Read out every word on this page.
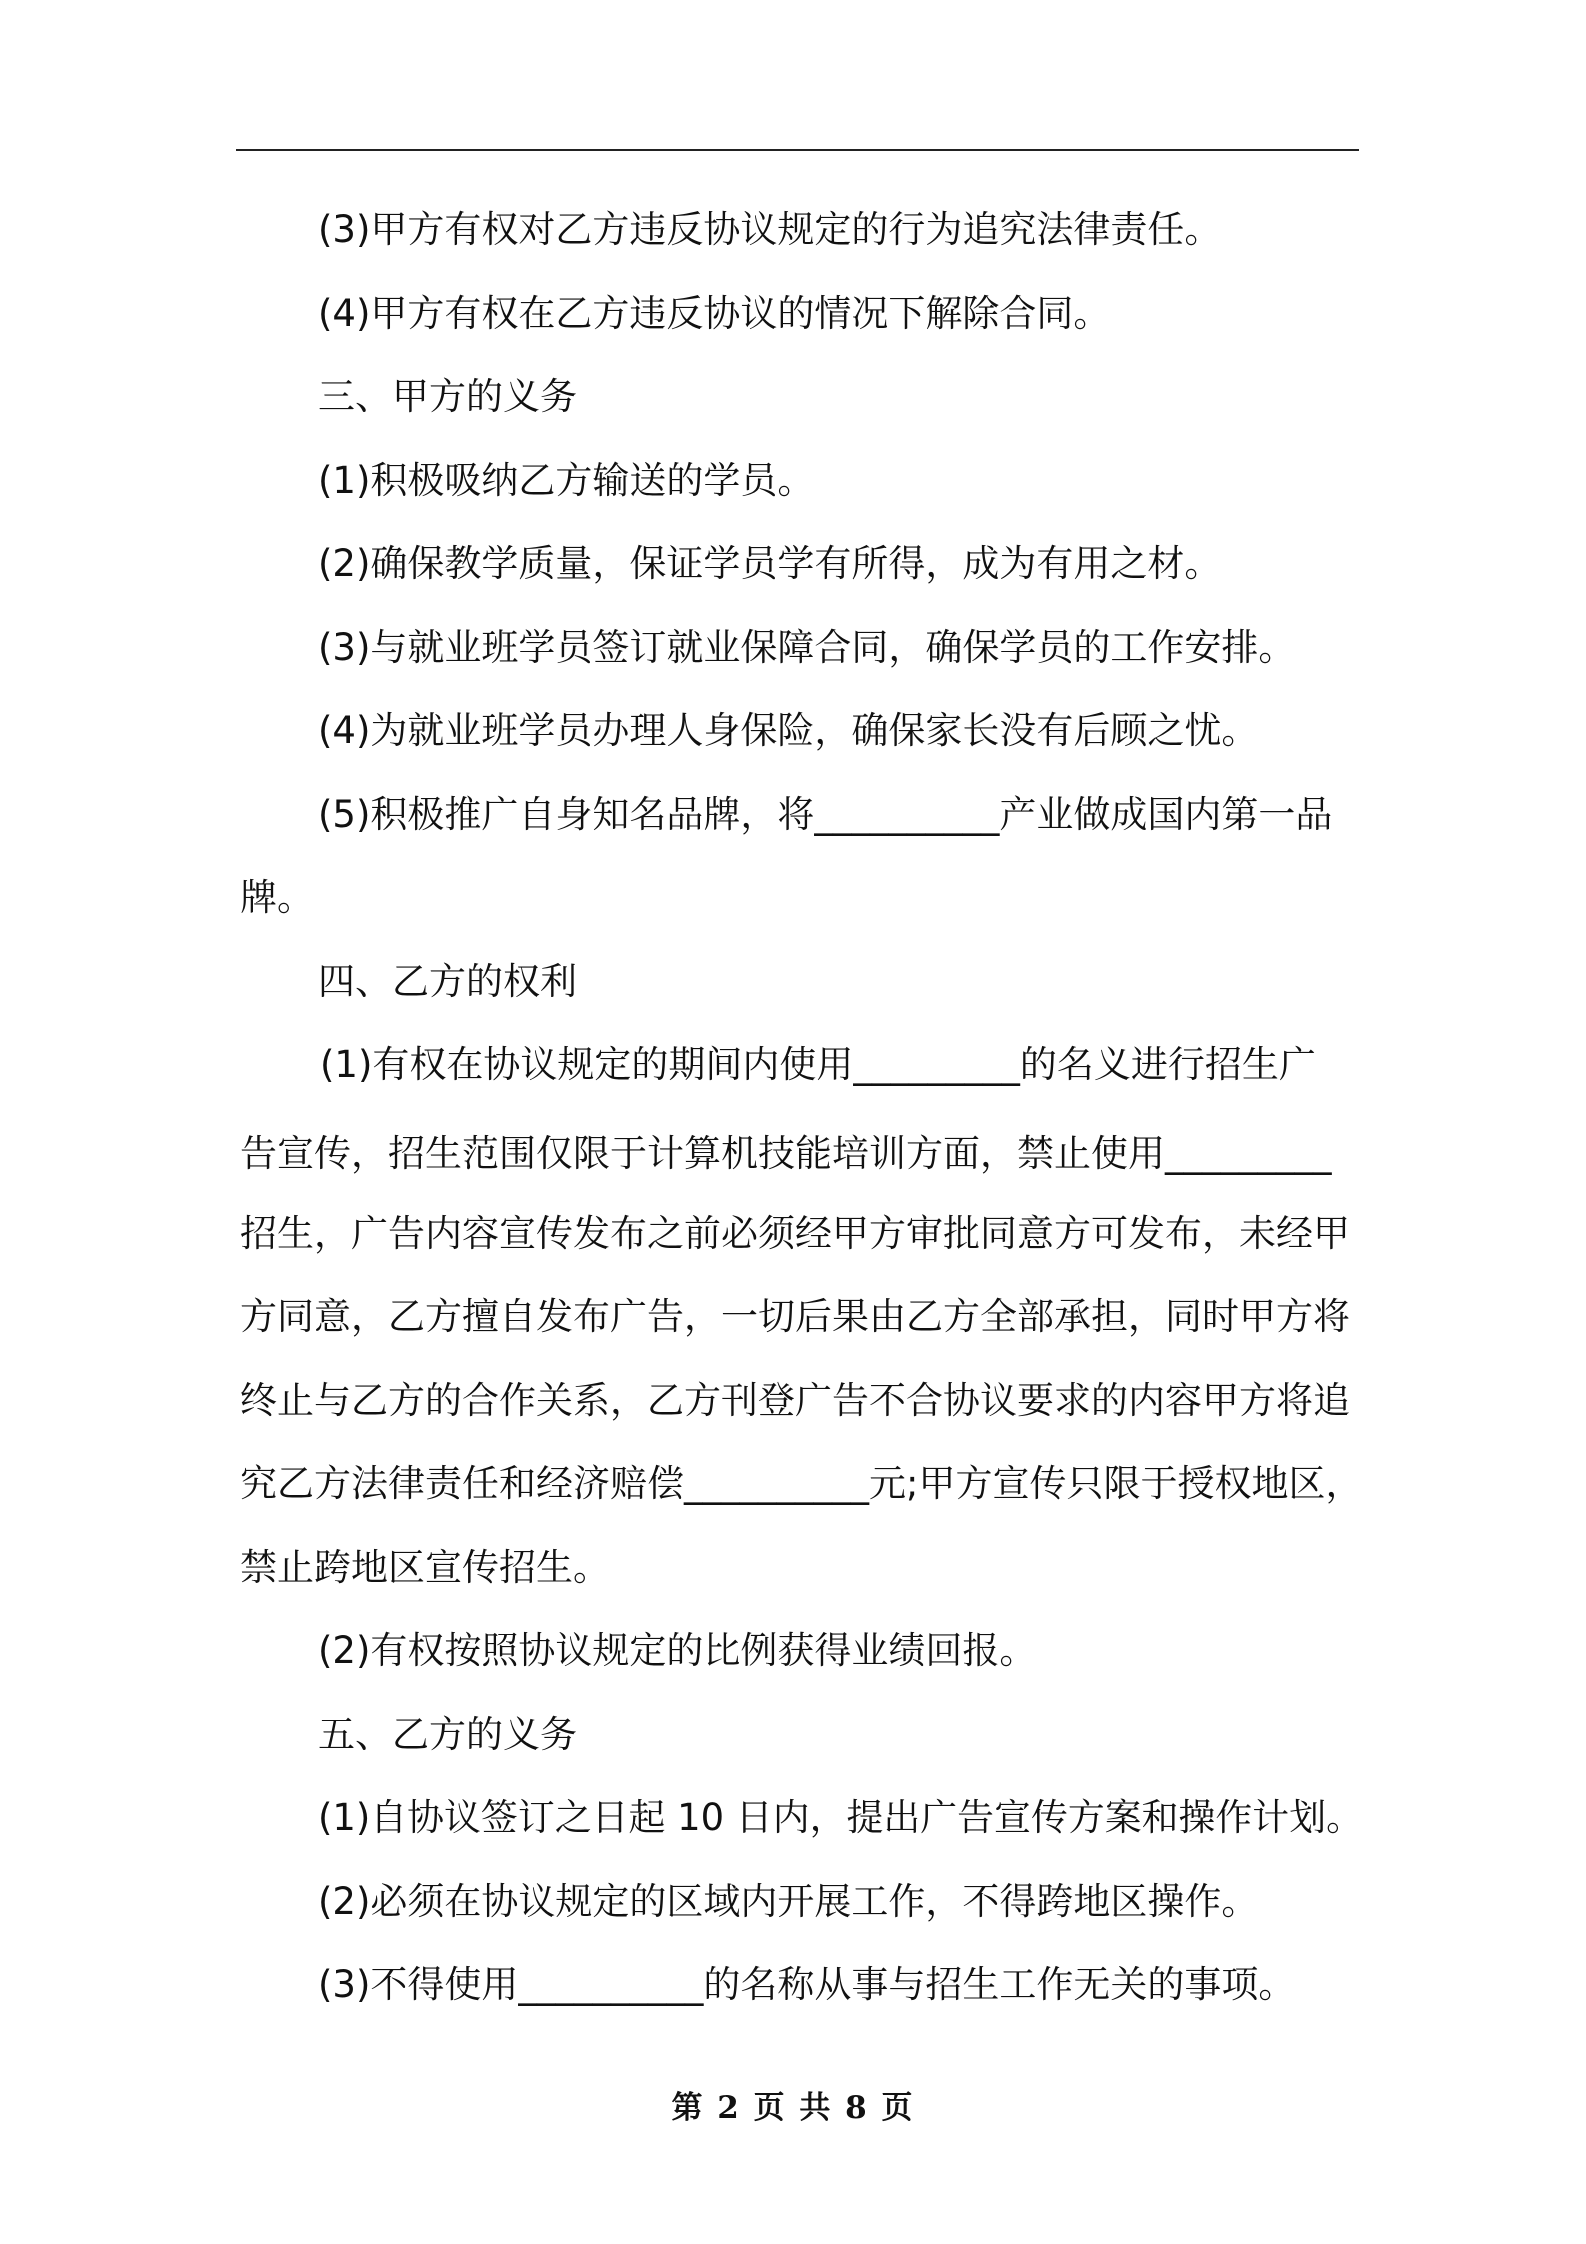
(3)甲方有权对乙方违反协议规定的行为追究法律责任。
(4)甲方有权在乙方违反协议的情况下解除合同。
三、甲方的义务
(1)积极吸纳乙方输送的学员。
(2)确保教学质量，保证学员学有所得，成为有用之材。
(3)与就业班学员签订就业保障合同，确保学员的工作安排。
(4)为就业班学员办理人身保险，确保家长没有后顾之忧。
(5)积极推广自身知名品牌，将__________产业做成国内第一品
牌。
四、乙方的权利
(1)有权在协议规定的期间内使用_________的名义进行招生广
告宣传，招生范围仅限于计算机技能培训方面，禁止使用_________
招生，广告内容宣传发布之前必须经甲方审批同意方可发布，未经甲
方同意，乙方擅自发布广告，一切后果由乙方全部承担，同时甲方将
终止与乙方的合作关系，乙方刊登广告不合协议要求的内容甲方将追
究乙方法律责任和经济赔偿__________元;甲方宣传只限于授权地区，
禁止跨地区宣传招生。
(2)有权按照协议规定的比例获得业绩回报。
五、乙方的义务
(1)自协议签订之日起 10 日内，提出广告宣传方案和操作计划。
(2)必须在协议规定的区域内开展工作，不得跨地区操作。
(3)不得使用__________的名称从事与招生工作无关的事项。
第 2 页 共 8 页
